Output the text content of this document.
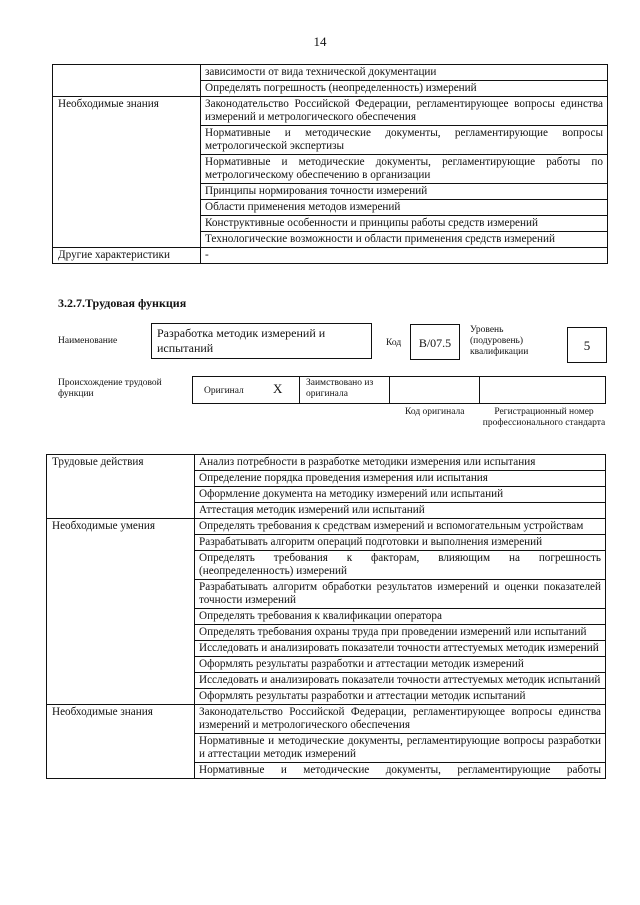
14
	зависимости от вида технической документации
	Определять погрешность (неопределенность) измерений
Необходимые знания	Законодательство Российской Федерации, регламентирующее вопросы единства измерений и метрологического обеспечения
	Нормативные и методические документы, регламентирующие вопросы метрологической экспертизы
	Нормативные и методические документы, регламентирующие работы по метрологическому обеспечению в организации
	Принципы нормирования точности измерений
	Области применения методов измерений
	Конструктивные особенности и принципы работы средств измерений
	Технологические возможности и области применения средств измерений
Другие характеристики	-
3.2.7.Трудовая функция
Наименование
Разработка методик измерений и испытаний	Код	B/07.5
Уровень (подуровень) квалификации	5
Происхождение трудовой функции	Оригинал X Заимствовано из оригинала
Код оригинала	Регистрационный номер профессионального стандарта
Трудовые действия	Анализ потребности в разработке методики измерения или испытания
	Определение порядка проведения измерения или испытания
	Оформление документа на методику измерений или испытаний
	Аттестация методик измерений или испытаний
Необходимые умения	Определять требования к средствам измерений и вспомогательным устройствам
	Разрабатывать алгоритм операций подготовки и выполнения измерений
	Определять требования к факторам, влияющим на погрешность (неопределенность) измерений
	Разрабатывать алгоритм обработки результатов измерений и оценки показателей точности измерений
	Определять требования к квалификации оператора
	Определять требования охраны труда при проведении измерений или испытаний
	Исследовать и анализировать показатели точности аттестуемых методик измерений
	Оформлять результаты разработки и аттестации методик измерений
	Исследовать и анализировать показатели точности аттестуемых методик испытаний
	Оформлять результаты разработки и аттестации методик испытаний
Необходимые знания	Законодательство Российской Федерации, регламентирующее вопросы единства измерений и метрологического обеспечения
	Нормативные и методические документы, регламентирующие вопросы разработки и аттестации методик измерений
	Нормативные и методические документы, регламентирующие работы
